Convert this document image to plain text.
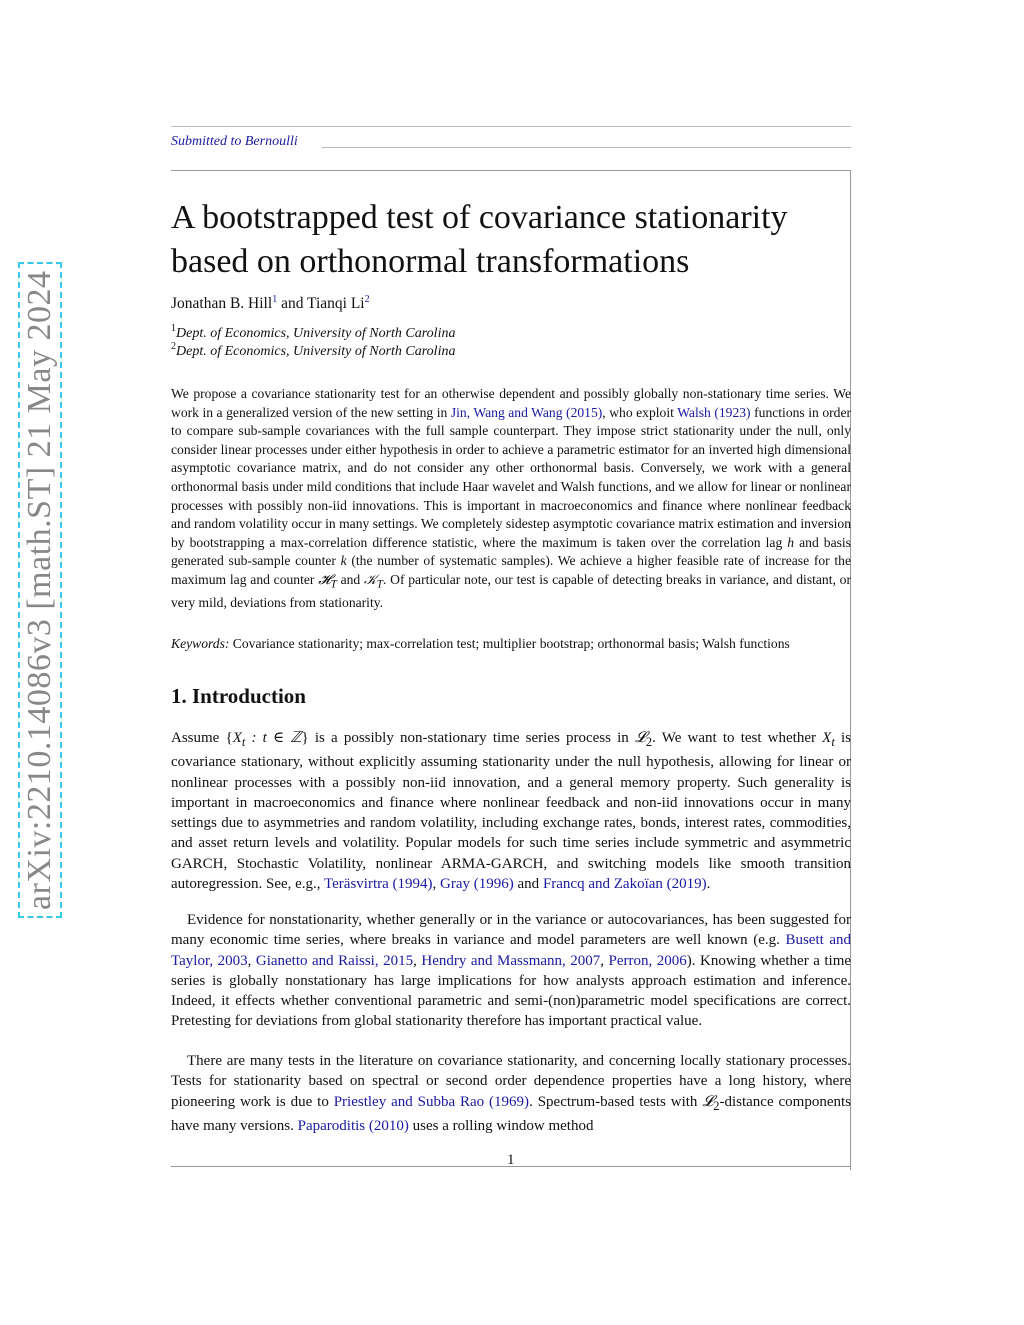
Submitted to Bernoulli
arXiv:2210.14086v3 [math.ST] 21 May 2024
A bootstrapped test of covariance stationarity
based on orthonormal transformations
Jonathan B. Hill$^1$ and Tianqi Li$^2$
$^1$Dept. of Economics, University of North Carolina
$^2$Dept. of Economics, University of North Carolina

We propose a covariance stationarity test for an otherwise dependent and possibly globally non-stationary time series. We work in a generalized version of the new setting in Jin, Wang and Wang (2015), who exploit Walsh (1923) functions in order to compare sub-sample covariances with the full sample counterpart. They impose strict stationarity under the null, only consider linear processes under either hypothesis in order to achieve a parametric estimator for an inverted high dimensional asymptotic covariance matrix, and do not consider any other orthonormal basis. Conversely, we work with a general orthonormal basis under mild conditions that include Haar wavelet and Walsh functions, and we allow for linear or nonlinear processes with possibly non-iid innovations. This is important in macroeconomics and finance where nonlinear feedback and random volatility occur in many settings. We completely sidestep asymptotic covariance matrix estimation and inversion by bootstrapping a max-correlation difference statistic, where the maximum is taken over the correlation lag h and basis generated sub-sample counter k (the number of systematic samples). We achieve a higher feasible rate of increase for the maximum lag and counter 𝓗$_T$ and 𝒦$_T$. Of particular note, our test is capable of detecting breaks in variance, and distant, or very mild, deviations from stationarity.

Keywords: Covariance stationarity; max-correlation test; multiplier bootstrap; orthonormal basis; Walsh functions
1. Introduction

Assume {$X_t$ : t ∈ ℤ} is a possibly non-stationary time series process in 𝓛$_2$. We want to test whether $X_t$ is covariance stationary, without explicitly assuming stationarity under the null hypothesis, allowing for linear or nonlinear processes with a possibly non-iid innovation, and a general memory property. Such generality is important in macroeconomics and finance where nonlinear feedback and non-iid innovations occur in many settings due to asymmetries and random volatility, including exchange rates, bonds, interest rates, commodities, and asset return levels and volatility. Popular models for such time series include symmetric and asymmetric GARCH, Stochastic Volatility, nonlinear ARMA-GARCH, and switching models like smooth transition autoregression. See, e.g., Teräsvirtra (1994), Gray (1996) and Francq and Zakoïan (2019).

Evidence for nonstationarity, whether generally or in the variance or autocovariances, has been suggested for many economic time series, where breaks in variance and model parameters are well known (e.g. Busett and Taylor, 2003, Gianetto and Raissi, 2015, Hendry and Massmann, 2007, Perron, 2006). Knowing whether a time series is globally nonstationary has large implications for how analysts approach estimation and inference. Indeed, it effects whether conventional parametric and semi-(non)parametric model specifications are correct. Pretesting for deviations from global stationarity therefore has important practical value.

There are many tests in the literature on covariance stationarity, and concerning locally stationary processes. Tests for stationarity based on spectral or second order dependence properties have a long history, where pioneering work is due to Priestley and Subba Rao (1969). Spectrum-based tests with 𝓛$_2$-distance components have many versions. Paparoditis (2010) uses a rolling window method

1
